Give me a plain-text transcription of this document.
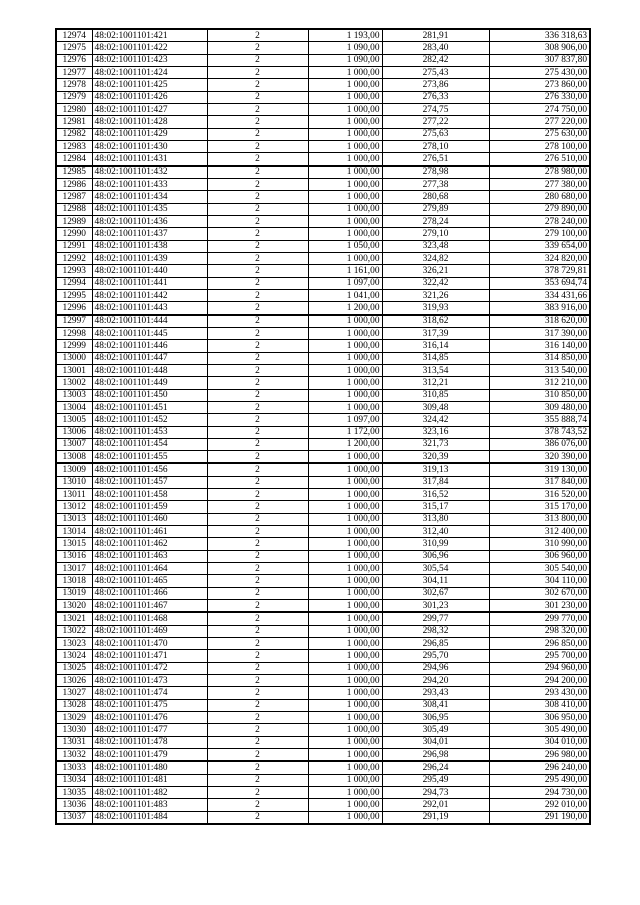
12974	48:02:1001101:421	2	1 193,00	281,91	336 318,63
12975	48:02:1001101:422	2	1 090,00	283,40	308 906,00
12976	48:02:1001101:423	2	1 090,00	282,42	307 837,80
12977	48:02:1001101:424	2	1 000,00	275,43	275 430,00
12978	48:02:1001101:425	2	1 000,00	273,86	273 860,00
12979	48:02:1001101:426	2	1 000,00	276,33	276 330,00
12980	48:02:1001101:427	2	1 000,00	274,75	274 750,00
12981	48:02:1001101:428	2	1 000,00	277,22	277 220,00
12982	48:02:1001101:429	2	1 000,00	275,63	275 630,00
12983	48:02:1001101:430	2	1 000,00	278,10	278 100,00
12984	48:02:1001101:431	2	1 000,00	276,51	276 510,00
12985	48:02:1001101:432	2	1 000,00	278,98	278 980,00
12986	48:02:1001101:433	2	1 000,00	277,38	277 380,00
12987	48:02:1001101:434	2	1 000,00	280,68	280 680,00
12988	48:02:1001101:435	2	1 000,00	279,89	279 890,00
12989	48:02:1001101:436	2	1 000,00	278,24	278 240,00
12990	48:02:1001101:437	2	1 000,00	279,10	279 100,00
12991	48:02:1001101:438	2	1 050,00	323,48	339 654,00
12992	48:02:1001101:439	2	1 000,00	324,82	324 820,00
12993	48:02:1001101:440	2	1 161,00	326,21	378 729,81
12994	48:02:1001101:441	2	1 097,00	322,42	353 694,74
12995	48:02:1001101:442	2	1 041,00	321,26	334 431,66
12996	48:02:1001101:443	2	1 200,00	319,93	383 916,00
12997	48:02:1001101:444	2	1 000,00	318,62	318 620,00
12998	48:02:1001101:445	2	1 000,00	317,39	317 390,00
12999	48:02:1001101:446	2	1 000,00	316,14	316 140,00
13000	48:02:1001101:447	2	1 000,00	314,85	314 850,00
13001	48:02:1001101:448	2	1 000,00	313,54	313 540,00
13002	48:02:1001101:449	2	1 000,00	312,21	312 210,00
13003	48:02:1001101:450	2	1 000,00	310,85	310 850,00
13004	48:02:1001101:451	2	1 000,00	309,48	309 480,00
13005	48:02:1001101:452	2	1 097,00	324,42	355 888,74
13006	48:02:1001101:453	2	1 172,00	323,16	378 743,52
13007	48:02:1001101:454	2	1 200,00	321,73	386 076,00
13008	48:02:1001101:455	2	1 000,00	320,39	320 390,00
13009	48:02:1001101:456	2	1 000,00	319,13	319 130,00
13010	48:02:1001101:457	2	1 000,00	317,84	317 840,00
13011	48:02:1001101:458	2	1 000,00	316,52	316 520,00
13012	48:02:1001101:459	2	1 000,00	315,17	315 170,00
13013	48:02:1001101:460	2	1 000,00	313,80	313 800,00
13014	48:02:1001101:461	2	1 000,00	312,40	312 400,00
13015	48:02:1001101:462	2	1 000,00	310,99	310 990,00
13016	48:02:1001101:463	2	1 000,00	306,96	306 960,00
13017	48:02:1001101:464	2	1 000,00	305,54	305 540,00
13018	48:02:1001101:465	2	1 000,00	304,11	304 110,00
13019	48:02:1001101:466	2	1 000,00	302,67	302 670,00
13020	48:02:1001101:467	2	1 000,00	301,23	301 230,00
13021	48:02:1001101:468	2	1 000,00	299,77	299 770,00
13022	48:02:1001101:469	2	1 000,00	298,32	298 320,00
13023	48:02:1001101:470	2	1 000,00	296,85	296 850,00
13024	48:02:1001101:471	2	1 000,00	295,70	295 700,00
13025	48:02:1001101:472	2	1 000,00	294,96	294 960,00
13026	48:02:1001101:473	2	1 000,00	294,20	294 200,00
13027	48:02:1001101:474	2	1 000,00	293,43	293 430,00
13028	48:02:1001101:475	2	1 000,00	308,41	308 410,00
13029	48:02:1001101:476	2	1 000,00	306,95	306 950,00
13030	48:02:1001101:477	2	1 000,00	305,49	305 490,00
13031	48:02:1001101:478	2	1 000,00	304,01	304 010,00
13032	48:02:1001101:479	2	1 000,00	296,98	296 980,00
13033	48:02:1001101:480	2	1 000,00	296,24	296 240,00
13034	48:02:1001101:481	2	1 000,00	295,49	295 490,00
13035	48:02:1001101:482	2	1 000,00	294,73	294 730,00
13036	48:02:1001101:483	2	1 000,00	292,01	292 010,00
13037	48:02:1001101:484	2	1 000,00	291,19	291 190,00
